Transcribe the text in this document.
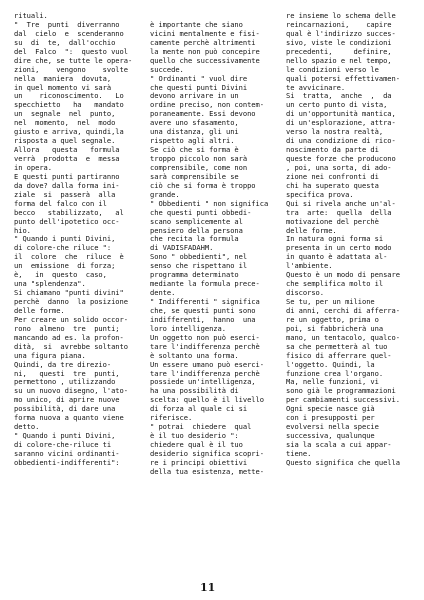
rituali.
"  Tre  punti  diverranno
dal  cielo  e  scenderanno
su  di  te,  dall'occhio
del  Falco  ":  questo vuol
dire che, se tutte le opera-
zioni,    vengono    svolte
nella  maniera  dovuta,
in quel momento vi sarà
un    riconoscimento.   Lo
specchietto   ha   mandato
un  segnale  nel  punto,
nel  momento,  nel  modo
giusto e arriva, quindi,la
risposta a quel segnale.
Allora   questa   formula
verrà  prodotta  e  messa
in opera.
E questi punti partiranno
da dove? dalla forma ini-
ziale  si  passerà  alla
forma del falco con il
becco   stabilizzato,   al
punto dell'ipotetico occ-
hio.
" Quando i punti Divini,
di colore-che riluce ":
il  colore  che  riluce  è
un  emissione  di forza;
è,   in  questo  caso,
una "splendenza".
Si chiamano "punti divini"
perchè  danno  la posizione
delle forme.
Per creare un solido occor-
rono  almeno  tre  punti;
mancando ad es. la profon-
dità,  si  avrebbe soltanto
una figura piana.
Quindi, da tre direzio-
ni,   questi  tre  punti,
permettono , utilizzando
su un nuovo disegno, l'ato-
mo unico, di aprire nuove
possibilità, di dare una
forma nuova a quanto viene
detto.
" Quando i punti Divini,
di colore-che-riluce ti
saranno vicini ordinanti-
obbedienti-indifferenti":
è importante che siano
vicini mentalmente e fisi-
camente perchè altrimenti
la mente non può concepire
quello che successivamente
succede.
" Ordinanti " vuol dire
che questi punti Divini
devono arrivare in un
ordine preciso, non contem-
poraneamente. Essi devono
avere uno sfasamento,
una distanza, gli uni
rispetto agli altri.
Se ciò che si forma è
troppo piccolo non sarà
comprensibile, come non
sarà comprensibile se
ciò che si forma è troppo
grande.
" Obbedienti " non significa
che questi punti obbedi-
scano semplicemente al
pensiero della persona
che recita la formula
di VADISFADAHM.
Sono " obbedienti", nel
senso che rispettano il
programma determinato
mediante la formula prece-
dente.
" Indifferenti " significa
che, se questi punti sono
indifferenti,  hanno  una
loro intelligenza.
Un oggetto non può eserci-
tare l'indifferenza perchè
è soltanto una forma.
Un essere umano può eserci-
tare l'indifferenza perchè
possiede un'intelligenza,
ha una possibilità di
scelta: quello è il livello
di forza al quale ci si
riferisce.
" potrai  chiedere  qual
è il tuo desiderio ":
chiedere qual è il tuo
desiderio significa scopri-
re i principi obiettivi
della tua esistenza, mette-
re insieme lo schema delle
reincarnazioni,    capire
qual è l'indirizzo succes-
sivo, viste le condizioni
precedenti,     definire,
nello spazio e nel tempo,
le condizioni verso le
quali potersi effettivamen-
te avvicinare.
Si  tratta,  anche  ,  da
un certo punto di vista,
di un'opportunità mantica,
di un'esplorazione, attra-
verso la nostra realtà,
di una condizione di rico-
noscimento da parte di
queste forze che producono
, poi, una sorta, di ado-
zione nei confronti di
chi ha superato questa
specifica prova.
Qui si rivela anche un'al-
tra  arte:  quella  della
motivazione del perchè
delle forme.
In natura ogni forma si
presenta in un certo modo
in quanto è adattata al-
l'ambiente.
Questo è un modo di pensare
che semplifica molto il
discorso.
Se tu, per un milione
di anni, cerchi di afferra-
re un oggetto, prima o
poi, si fabbricherà una
mano, un tentacolo, qualco-
sa che permetterà al tuo
fisico di afferrare quel-
l'oggetto. Quindi, la
funzione crea l'organo.
Ma, nelle funzioni, vi
sono già le programmazioni
per cambiamenti successivi.
Ogni specie nasce già
con i presupposti per
evolversi nella specie
successiva, qualunque
sia la scala a cui appar-
tiene.
Questo significa che quella
11
